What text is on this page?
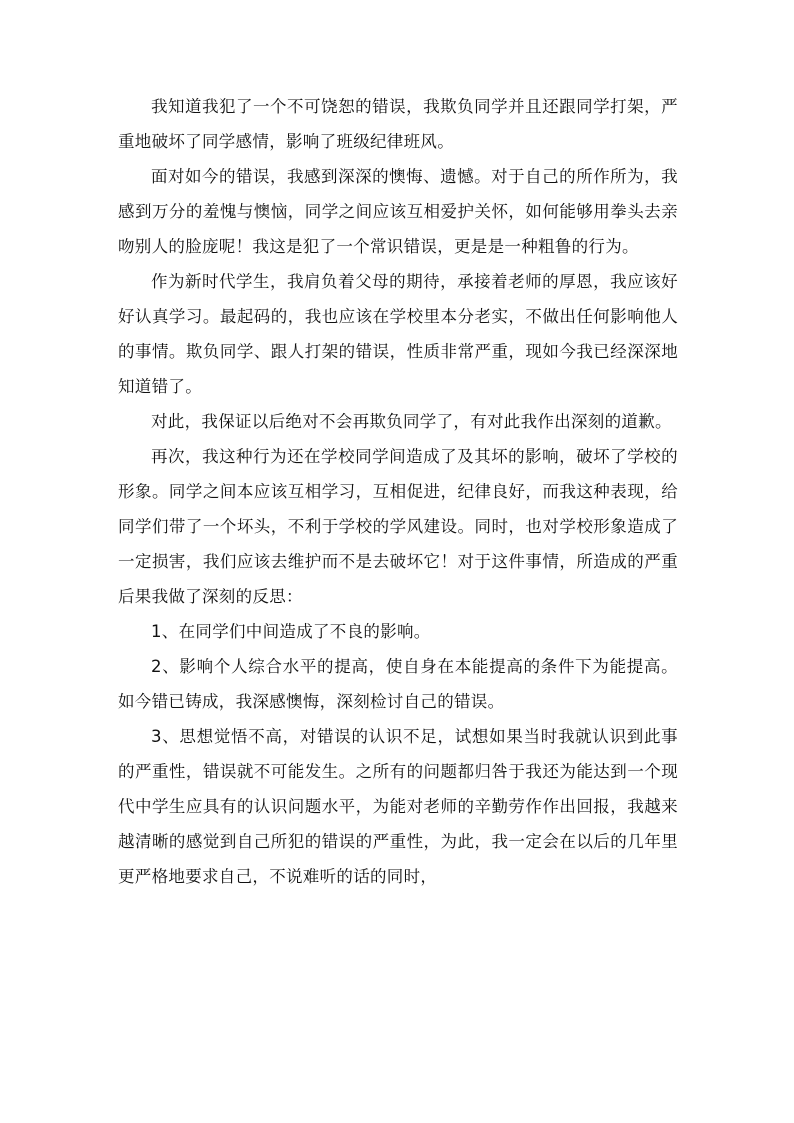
我知道我犯了一个不可饶恕的错误，我欺负同学并且还跟同学打架，严重地破坏了同学感情，影响了班级纪律班风。

面对如今的错误，我感到深深的懊悔、遗憾。对于自己的所作所为，我感到万分的羞愧与懊恼，同学之间应该互相爱护关怀，如何能够用拳头去亲吻别人的脸庞呢！我这是犯了一个常识错误，更是是一种粗鲁的行为。

作为新时代学生，我肩负着父母的期待，承接着老师的厚恩，我应该好好认真学习。最起码的，我也应该在学校里本分老实，不做出任何影响他人的事情。欺负同学、跟人打架的错误，性质非常严重，现如今我已经深深地知道错了。

对此，我保证以后绝对不会再欺负同学了，有对此我作出深刻的道歉。

再次，我这种行为还在学校同学间造成了及其坏的影响，破坏了学校的形象。同学之间本应该互相学习，互相促进，纪律良好，而我这种表现，给同学们带了一个坏头，不利于学校的学风建设。同时，也对学校形象造成了一定损害，我们应该去维护而不是去破坏它！对于这件事情，所造成的严重后果我做了深刻的反思：

1、在同学们中间造成了不良的影响。

2、影响个人综合水平的提高，使自身在本能提高的条件下为能提高。如今错已铸成，我深感懊悔，深刻检讨自己的错误。

3、思想觉悟不高，对错误的认识不足，试想如果当时我就认识到此事的严重性，错误就不可能发生。之所有的问题都归咎于我还为能达到一个现代中学生应具有的认识问题水平，为能对老师的辛勤劳作作出回报，我越来越清晰的感觉到自己所犯的错误的严重性，为此，我一定会在以后的几年里更严格地要求自己，不说难听的话的同时，
